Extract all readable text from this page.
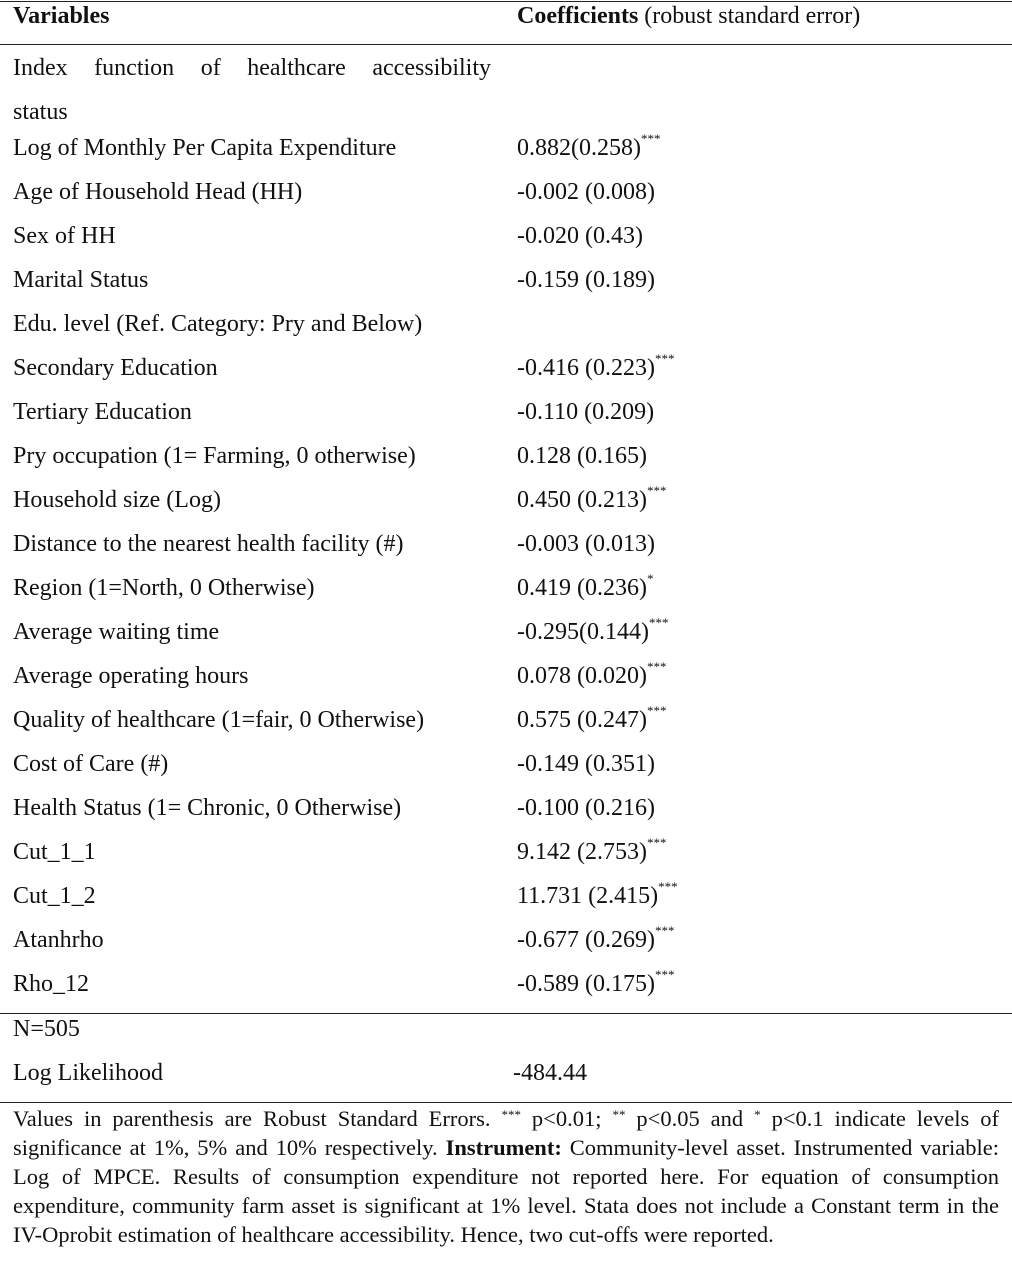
Variables	Coefficients (robust standard error)
Index function of healthcare accessibility
status
Log of Monthly Per Capita Expenditure	0.882(0.258)***
Age of Household Head (HH)	-0.002 (0.008)
Sex of HH	-0.020 (0.43)
Marital Status	-0.159 (0.189)
Edu. level (Ref. Category: Pry and Below)
Secondary Education	-0.416 (0.223)***
Tertiary Education	-0.110 (0.209)
Pry occupation (1= Farming, 0 otherwise)	0.128 (0.165)
Household size (Log)	0.450 (0.213)***
Distance to the nearest health facility (#)	-0.003 (0.013)
Region (1=North, 0 Otherwise)	0.419 (0.236)*
Average waiting time	-0.295(0.144)***
Average operating hours	0.078 (0.020)***
Quality of healthcare (1=fair, 0 Otherwise)	0.575 (0.247)***
Cost of Care (#)	-0.149 (0.351)
Health Status (1= Chronic, 0 Otherwise)	-0.100 (0.216)
Cut_1_1	9.142 (2.753)***
Cut_1_2	11.731 (2.415)***
Atanhrho	-0.677 (0.269)***
Rho_12	-0.589 (0.175)***
N=505
Log Likelihood	-484.44
Values in parenthesis are Robust Standard Errors. *** p<0.01; ** p<0.05 and * p<0.1 indicate levels of significance at 1%, 5% and 10% respectively. Instrument: Community-level asset. Instrumented variable: Log of MPCE. Results of consumption expenditure not reported here. For equation of consumption expenditure, community farm asset is significant at 1% level. Stata does not include a Constant term in the IV-Oprobit estimation of healthcare accessibility. Hence, two cut-offs were reported.
